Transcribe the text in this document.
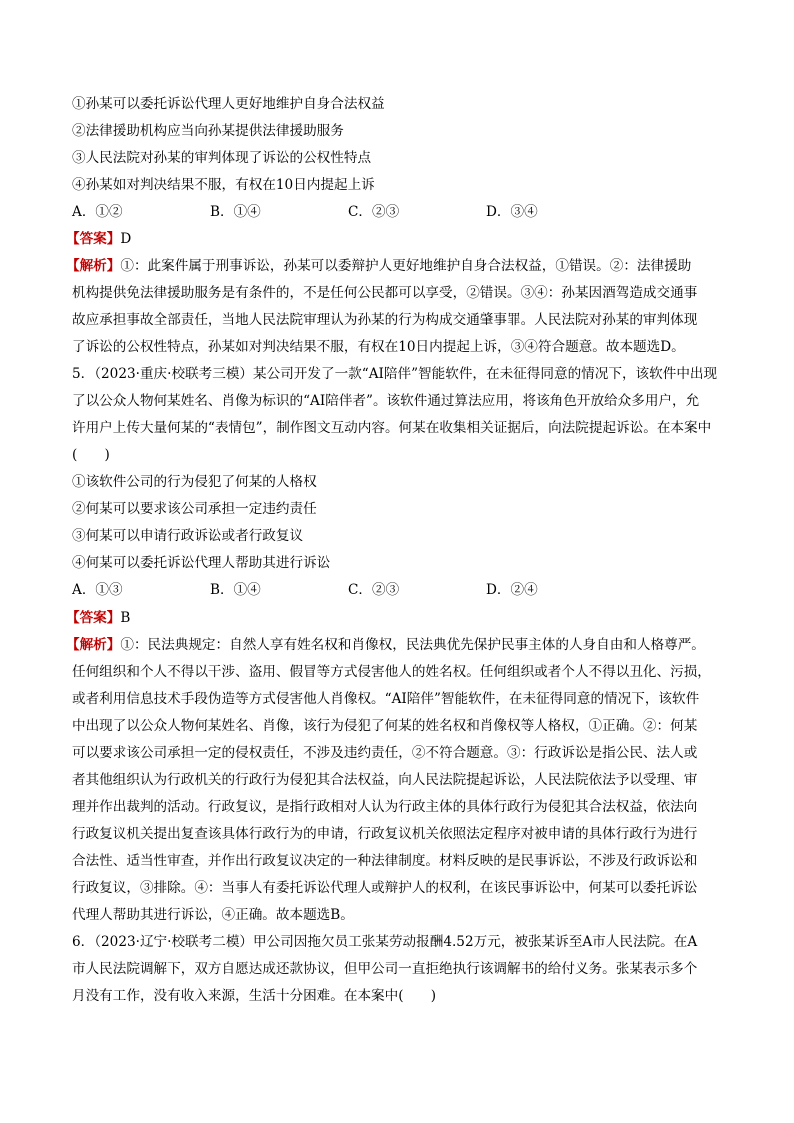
①孙某可以委托诉讼代理人更好地维护自身合法权益
②法律援助机构应当向孙某提供法律援助服务
③人民法院对孙某的审判体现了诉讼的公权性特点
④孙某如对判决结果不服，有权在10日内提起上诉
A．①②	B．①④	C．②③	D．③④
【答案】D
【解析】①：此案件属于刑事诉讼，孙某可以委辩护人更好地维护自身合法权益，①错误。②：法律援助
机构提供免法律援助服务是有条件的，不是任何公民都可以享受，②错误。③④：孙某因酒驾造成交通事
故应承担事故全部责任，当地人民法院审理认为孙某的行为构成交通肇事罪。人民法院对孙某的审判体现
了诉讼的公权性特点，孙某如对判决结果不服，有权在10日内提起上诉，③④符合题意。故本题选D。
5．（2023·重庆·校联考三模）某公司开发了一款“AI陪伴”智能软件，在未征得同意的情况下，该软件中出现
了以公众人物何某姓名、肖像为标识的“AI陪伴者”。该软件通过算法应用，将该角色开放给众多用户，允
许用户上传大量何某的“表情包”，制作图文互动内容。何某在收集相关证据后，向法院提起诉讼。在本案中
(　　)
①该软件公司的行为侵犯了何某的人格权
②何某可以要求该公司承担一定违约责任
③何某可以申请行政诉讼或者行政复议
④何某可以委托诉讼代理人帮助其进行诉讼
A．①③	B．①④	C．②③	D．②④
【答案】B
【解析】①：民法典规定：自然人享有姓名权和肖像权，民法典优先保护民事主体的人身自由和人格尊严。
任何组织和个人不得以干涉、盗用、假冒等方式侵害他人的姓名权。任何组织或者个人不得以丑化、污损，
或者利用信息技术手段伪造等方式侵害他人肖像权。“AI陪伴”智能软件，在未征得同意的情况下，该软件
中出现了以公众人物何某姓名、肖像，该行为侵犯了何某的姓名权和肖像权等人格权，①正确。②：何某
可以要求该公司承担一定的侵权责任，不涉及违约责任，②不符合题意。③：行政诉讼是指公民、法人或
者其他组织认为行政机关的行政行为侵犯其合法权益，向人民法院提起诉讼，人民法院依法予以受理、审
理并作出裁判的活动。行政复议，是指行政相对人认为行政主体的具体行政行为侵犯其合法权益，依法向
行政复议机关提出复查该具体行政行为的申请，行政复议机关依照法定程序对被申请的具体行政行为进行
合法性、适当性审查，并作出行政复议决定的一种法律制度。材料反映的是民事诉讼，不涉及行政诉讼和
行政复议，③排除。④：当事人有委托诉讼代理人或辩护人的权利，在该民事诉讼中，何某可以委托诉讼
代理人帮助其进行诉讼，④正确。故本题选B。
6．（2023·辽宁·校联考二模）甲公司因拖欠员工张某劳动报酬4.52万元，被张某诉至A市人民法院。在A
市人民法院调解下，双方自愿达成还款协议，但甲公司一直拒绝执行该调解书的给付义务。张某表示多个
月没有工作，没有收入来源，生活十分困难。在本案中(　　)
